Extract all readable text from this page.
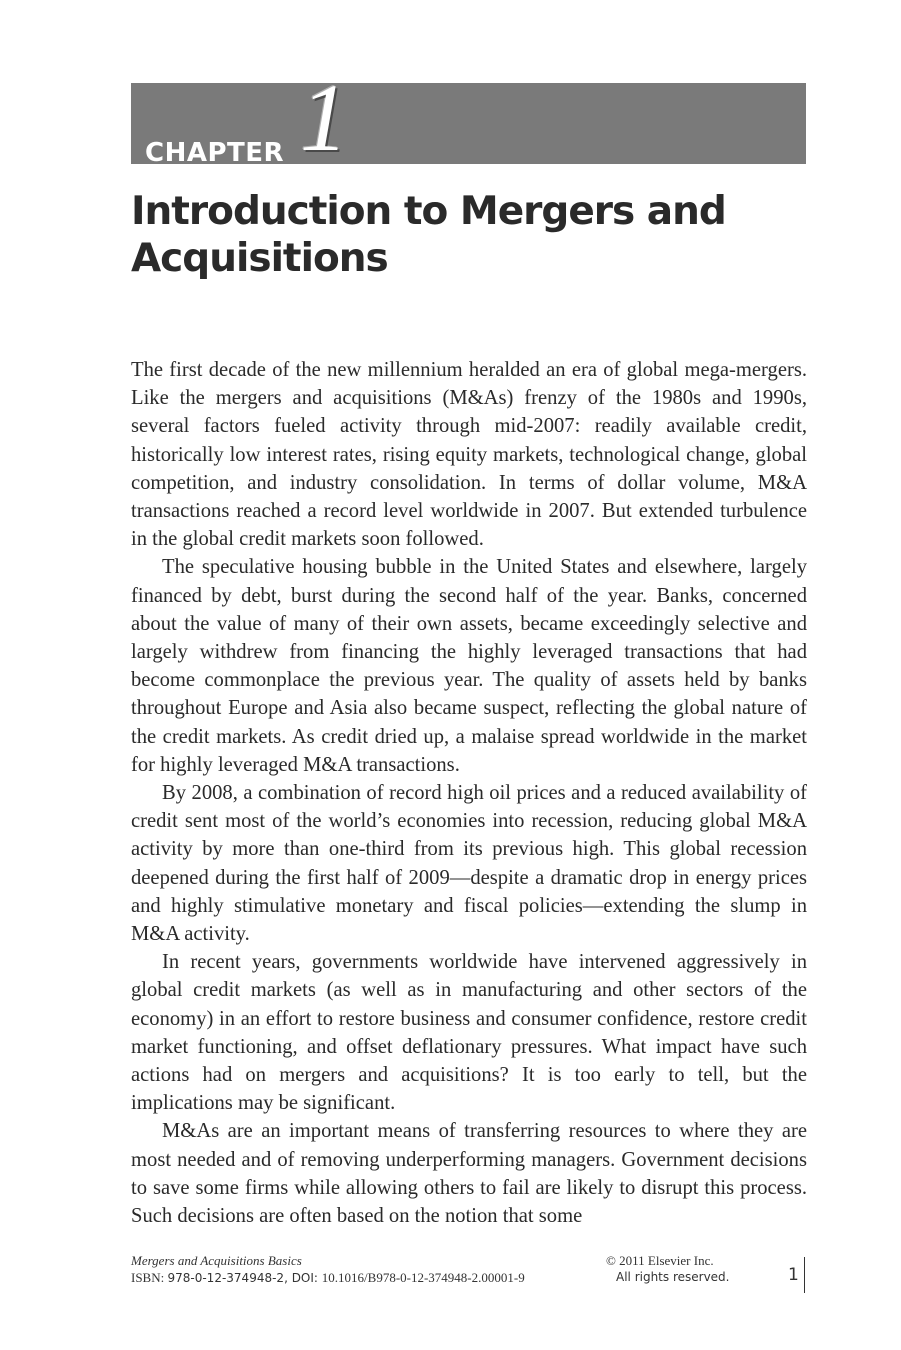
CHAPTER 1
Introduction to Mergers and Acquisitions

The first decade of the new millennium heralded an era of global mega-mergers. Like the mergers and acquisitions (M&As) frenzy of the 1980s and 1990s, several factors fueled activity through mid-2007: readily available credit, historically low interest rates, rising equity markets, technological change, global competition, and industry consolidation. In terms of dollar volume, M&A transactions reached a record level worldwide in 2007. But extended turbulence in the global credit markets soon followed.

The speculative housing bubble in the United States and elsewhere, largely financed by debt, burst during the second half of the year. Banks, concerned about the value of many of their own assets, became exceedingly selective and largely withdrew from financing the highly leveraged transactions that had become commonplace the previous year. The quality of assets held by banks throughout Europe and Asia also became suspect, reflecting the global nature of the credit markets. As credit dried up, a malaise spread worldwide in the market for highly leveraged M&A transactions.

By 2008, a combination of record high oil prices and a reduced availability of credit sent most of the world’s economies into recession, reducing global M&A activity by more than one-third from its previous high. This global recession deepened during the first half of 2009—despite a dramatic drop in energy prices and highly stimulative monetary and fiscal policies—extending the slump in M&A activity.

In recent years, governments worldwide have intervened aggressively in global credit markets (as well as in manufacturing and other sectors of the economy) in an effort to restore business and consumer confidence, restore credit market functioning, and offset deflationary pressures. What impact have such actions had on mergers and acquisitions? It is too early to tell, but the implications may be significant.

M&As are an important means of transferring resources to where they are most needed and of removing underperforming managers. Government decisions to save some firms while allowing others to fail are likely to disrupt this process. Such decisions are often based on the notion that some

Mergers and Acquisitions Basics
ISBN: 978-0-12-374948-2, DOI: 10.1016/B978-0-12-374948-2.00001-9
© 2011 Elsevier Inc.
All rights reserved.	1
